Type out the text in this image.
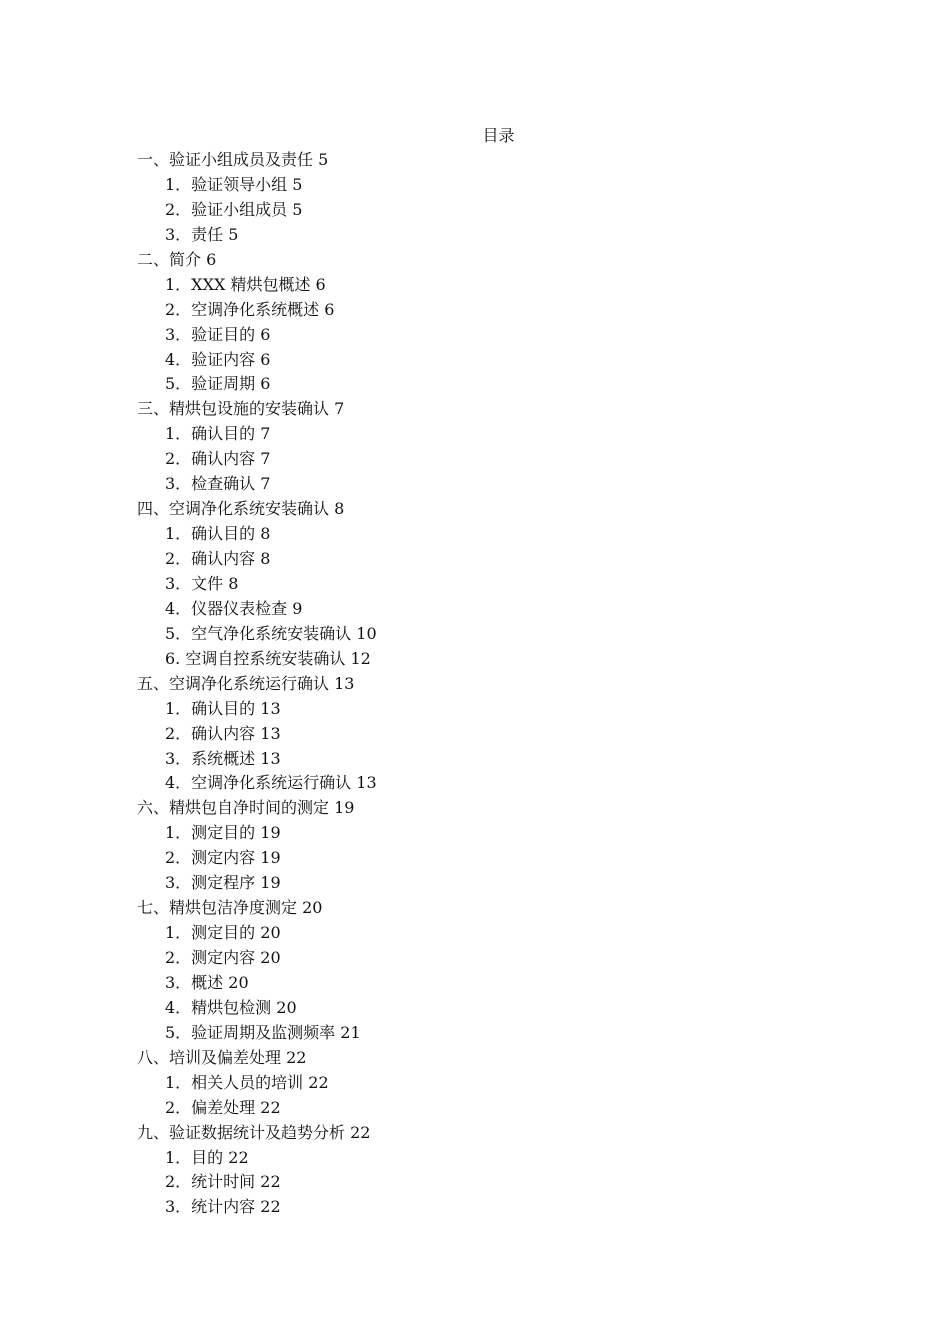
目录
一、验证小组成员及责任 5
1．验证领导小组 5
2．验证小组成员 5
3．责任 5
二、简介 6
1．XXX 精烘包概述 6
2．空调净化系统概述 6
3．验证目的 6
4．验证内容 6
5．验证周期 6
三、精烘包设施的安装确认 7
1．确认目的 7
2．确认内容 7
3．检查确认 7
四、空调净化系统安装确认 8
1．确认目的 8
2．确认内容 8
3．文件 8
4．仪器仪表检查 9
5．空气净化系统安装确认 10
6. 空调自控系统安装确认 12
五、空调净化系统运行确认 13
1．确认目的 13
2．确认内容 13
3．系统概述 13
4．空调净化系统运行确认 13
六、精烘包自净时间的测定 19
1．测定目的 19
2．测定内容 19
3．测定程序 19
七、精烘包洁净度测定 20
1．测定目的 20
2．测定内容 20
3．概述 20
4．精烘包检测 20
5．验证周期及监测频率 21
八、培训及偏差处理 22
1．相关人员的培训 22
2．偏差处理 22
九、验证数据统计及趋势分析 22
1．目的 22
2．统计时间 22
3．统计内容 22
